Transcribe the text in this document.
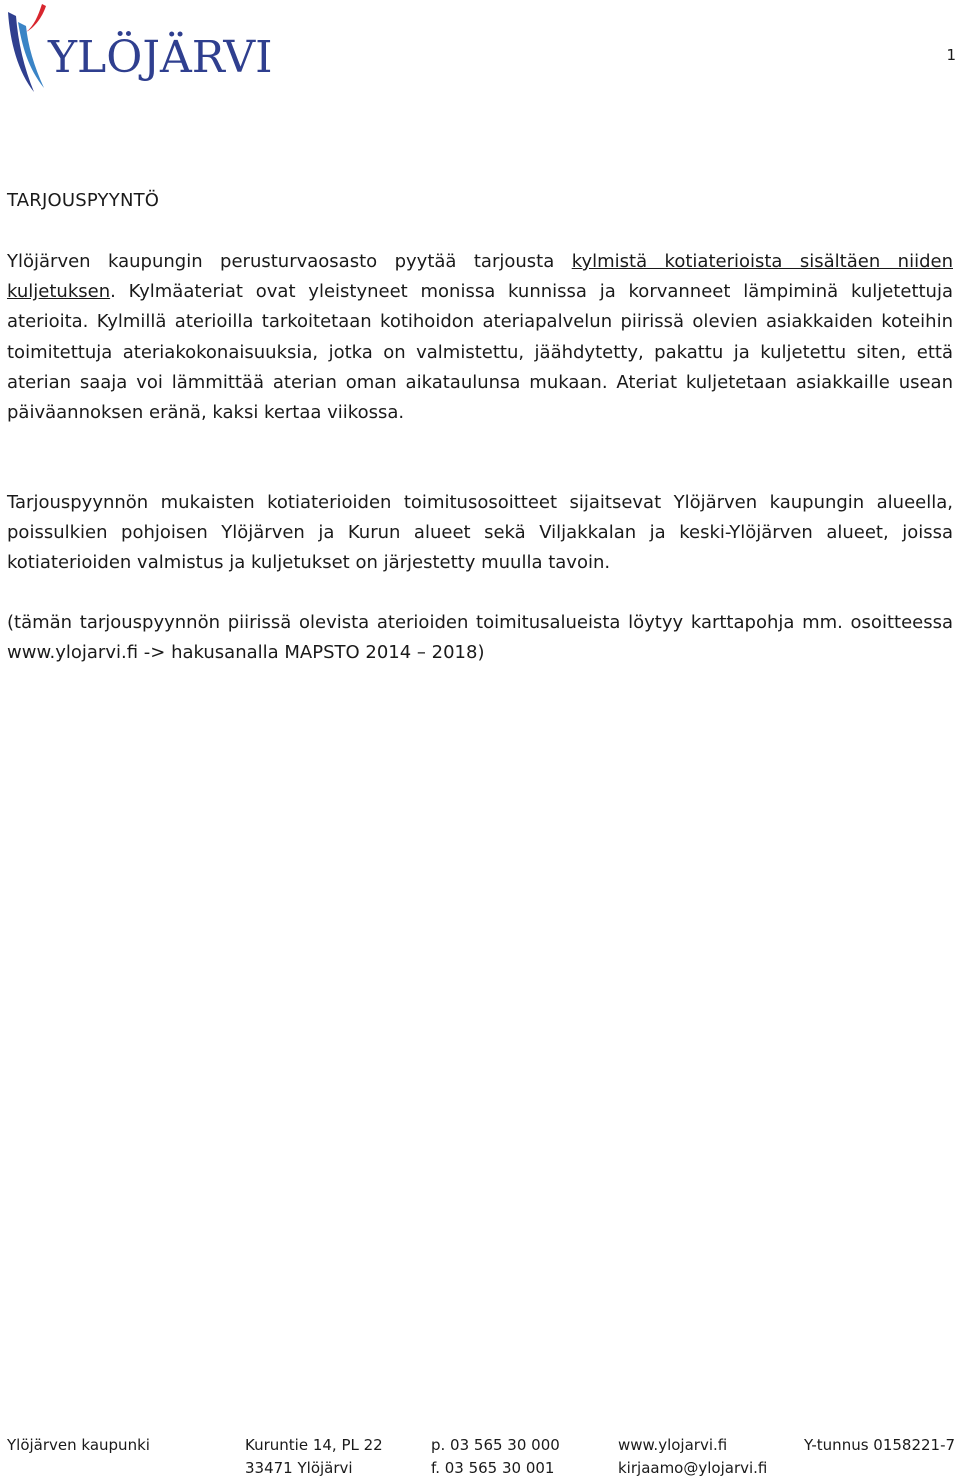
YLÖJÄRVI	1
TARJOUSPYYNTÖ

Ylöjärven kaupungin perusturvaosasto pyytää tarjousta kylmistä kotiaterioista sisältäen niiden kuljetuksen. Kylmäateriat ovat yleistyneet monissa kunnissa ja korvanneet lämpiminä kuljetettuja aterioita. Kylmillä aterioilla tarkoitetaan kotihoidon ateriapalvelun piirissä olevien asiakkaiden koteihin toimitettuja ateriakokonaisuuksia, jotka on valmistettu, jäähdytetty, pakattu ja kuljetettu siten, että aterian saaja voi lämmittää aterian oman aikataulunsa mukaan. Ateriat kuljetetaan asiakkaille usean päiväannoksen eränä, kaksi kertaa viikossa.

Tarjouspyynnön mukaisten kotiaterioiden toimitusosoitteet sijaitsevat Ylöjärven kaupungin alueella, poissulkien pohjoisen Ylöjärven ja Kurun alueet sekä Viljakkalan ja keski-Ylöjärven alueet, joissa kotiaterioiden valmistus ja kuljetukset on järjestetty muulla tavoin.

(tämän tarjouspyynnön piirissä olevista aterioiden toimitusalueista löytyy karttapohja mm. osoitteessa www.ylojarvi.fi -> hakusanalla MAPSTO 2014 – 2018)

Ylöjärven kaupunki	Kuruntie 14, PL 22
33471 Ylöjärvi
p. 03 565 30 000
f. 03 565 30 001
www.ylojarvi.fi
kirjaamo@ylojarvi.fi
Y-tunnus 0158221-7
